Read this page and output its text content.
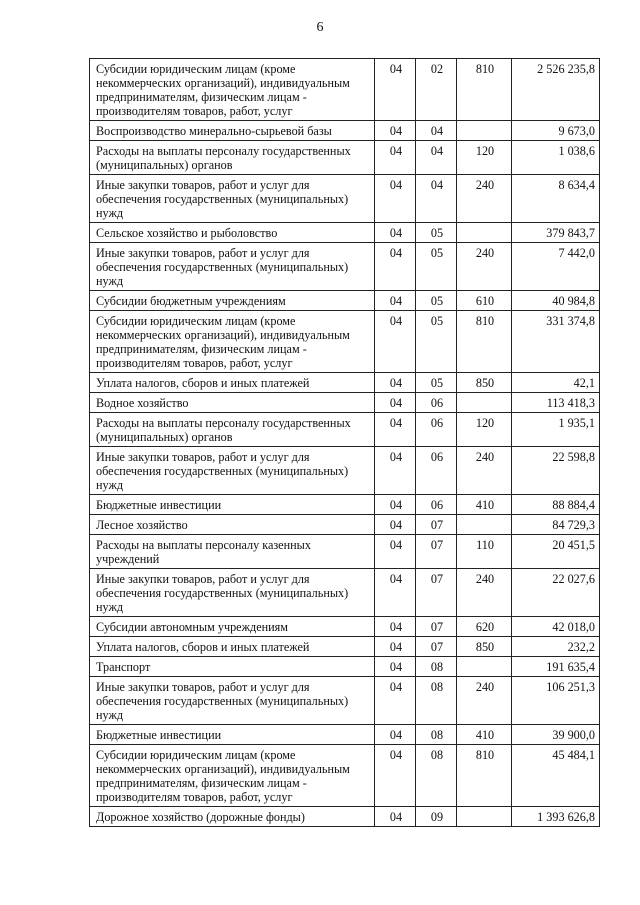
6
Субсидии юридическим лицам (кроме некоммерческих организаций), индивидуальным предпринимателям, физическим лицам - производителям товаров, работ, услуг	04	02	810	2 526 235,8
Воспроизводство минерально-сырьевой базы	04	04		9 673,0
Расходы на выплаты персоналу государственных (муниципальных) органов	04	04	120	1 038,6
Иные закупки товаров, работ и услуг для обеспечения государственных (муниципальных) нужд	04	04	240	8 634,4
Сельское хозяйство и рыболовство	04	05		379 843,7
Иные закупки товаров, работ и услуг для обеспечения государственных (муниципальных) нужд	04	05	240	7 442,0
Субсидии бюджетным учреждениям	04	05	610	40 984,8
Субсидии юридическим лицам (кроме некоммерческих организаций), индивидуальным предпринимателям, физическим лицам - производителям товаров, работ, услуг	04	05	810	331 374,8
Уплата налогов, сборов и иных платежей	04	05	850	42,1
Водное хозяйство	04	06		113 418,3
Расходы на выплаты персоналу государственных (муниципальных) органов	04	06	120	1 935,1
Иные закупки товаров, работ и услуг для обеспечения государственных (муниципальных) нужд	04	06	240	22 598,8
Бюджетные инвестиции	04	06	410	88 884,4
Лесное хозяйство	04	07		84 729,3
Расходы на выплаты персоналу казенных учреждений	04	07	110	20 451,5
Иные закупки товаров, работ и услуг для обеспечения государственных (муниципальных) нужд	04	07	240	22 027,6
Субсидии автономным учреждениям	04	07	620	42 018,0
Уплата налогов, сборов и иных платежей	04	07	850	232,2
Транспорт	04	08		191 635,4
Иные закупки товаров, работ и услуг для обеспечения государственных (муниципальных) нужд	04	08	240	106 251,3
Бюджетные инвестиции	04	08	410	39 900,0
Субсидии юридическим лицам (кроме некоммерческих организаций), индивидуальным предпринимателям, физическим лицам - производителям товаров, работ, услуг	04	08	810	45 484,1
Дорожное хозяйство (дорожные фонды)	04	09		1 393 626,8
